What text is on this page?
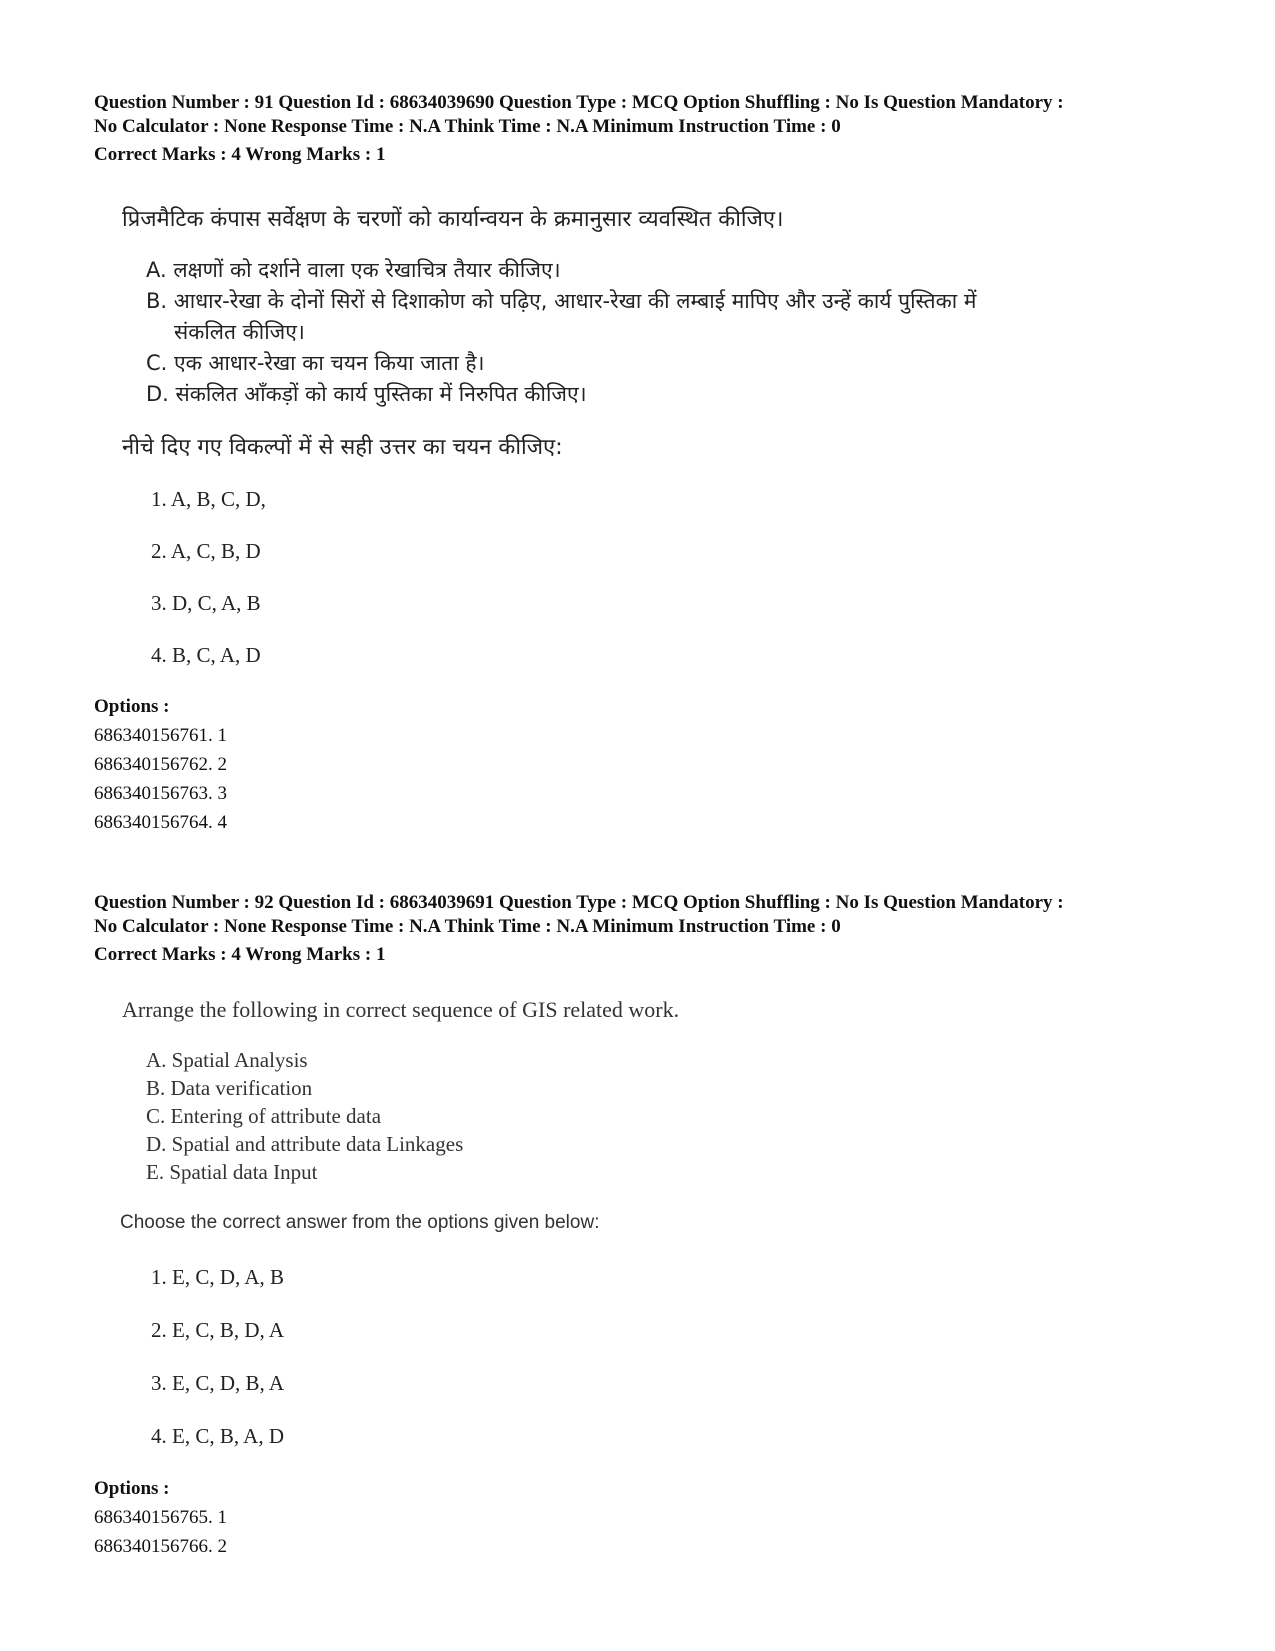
Question Number : 91 Question Id : 68634039690 Question Type : MCQ Option Shuffling : No Is Question Mandatory :
No Calculator : None Response Time : N.A Think Time : N.A Minimum Instruction Time : 0
Correct Marks : 4 Wrong Marks : 1
प्रिजमैटिक कंपास सर्वेक्षण के चरणों को कार्यान्वयन के क्रमानुसार व्यवस्थित कीजिए।
A. लक्षणों को दर्शाने वाला एक रेखाचित्र तैयार कीजिए।
B. आधार-रेखा के दोनों सिरों से दिशाकोण को पढ़िए, आधार-रेखा की लम्बाई मापिए और उन्हें कार्य पुस्तिका में
संकलित कीजिए।
C. एक आधार-रेखा का चयन किया जाता है।
D. संकलित आँकड़ों को कार्य पुस्तिका में निरुपित कीजिए।
नीचे दिए गए विकल्पों में से सही उत्तर का चयन कीजिए:
1. A, B, C, D,
2. A, C, B, D
3. D, C, A, B
4. B, C, A, D
Options :
686340156761. 1
686340156762. 2
686340156763. 3
686340156764. 4
Question Number : 92 Question Id : 68634039691 Question Type : MCQ Option Shuffling : No Is Question Mandatory :
No Calculator : None Response Time : N.A Think Time : N.A Minimum Instruction Time : 0
Correct Marks : 4 Wrong Marks : 1
Arrange the following in correct sequence of GIS related work.
A. Spatial Analysis
B. Data verification
C. Entering of attribute data
D. Spatial and attribute data Linkages
E. Spatial data Input
Choose the correct answer from the options given below:
1. E, C, D, A, B
2. E, C, B, D, A
3. E, C, D, B, A
4. E, C, B, A, D
Options :
686340156765. 1
686340156766. 2
